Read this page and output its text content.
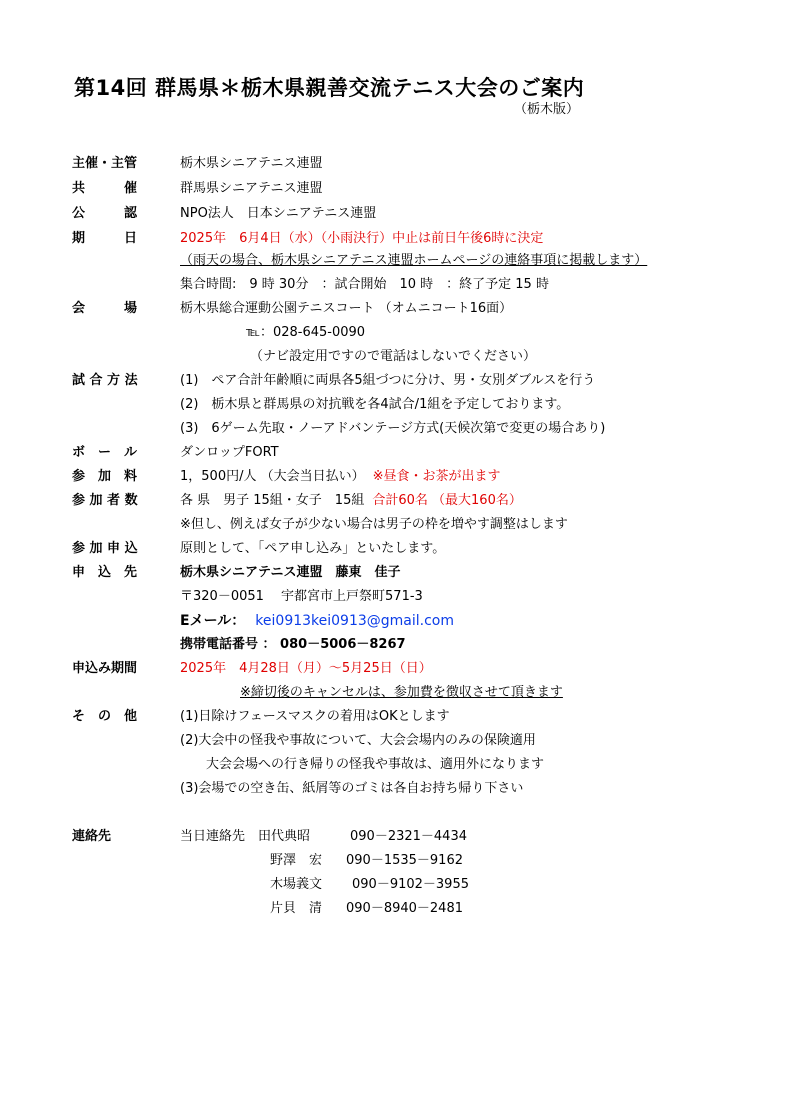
第14回 群馬県＊栃木県親善交流テニス大会のご案内
（栃木版）
主催・主管	栃木県シニアテニス連盟
共　　　催	群馬県シニアテニス連盟
公　　　認	NPO法人　日本シニアテニス連盟
期　　　日	2025年　6月4日（水）（小雨決行）中止は前日午後6時に決定
（雨天の場合、栃木県シニアテニス連盟ホームページの連絡事項に掲載します）
集合時間:　9 時 30分　：試合開始　10 時　：終了予定 15 時
会　　　場	栃木県総合運動公園テニスコート （オムニコート16面）
℡：028-645-0090
（ナビ設定用ですので電話はしないでください）
試 合 方 法	(1)　ペア合計年齢順に両県各5組づつに分け、男・女別ダブルスを行う
(2)　栃木県と群馬県の対抗戦を各4試合/1組を予定しております。
(3)　6ゲーム先取・ノーアドバンテージ方式(天候次第で変更の場合あり)
ボ　ー　ル	ダンロップFORT
参　加　料	1，500円/人 （大会当日払い） ※昼食・お茶が出ます
参 加 者 数	各 県　男子 15組・女子　15組 合計60名 （最大160名）
※但し、例えば女子が少ない場合は男子の枠を増やす調整はします
参 加 申 込	原則として、「ペア申し込み」といたします。
申　込　先	栃木県シニアテニス連盟　藤東　佳子
〒320－0051　 宇都宮市上戸祭町571-3
Eメール： kei0913kei0913@gmail.com
携帯電話番号 ： 080－5006－8267
申込み期間	2025年　4月28日（月）～5月25日（日）
※締切後のキャンセルは、参加費を徴収させて頂きます
そ　の　他	(1)日除けフェースマスクの着用はOKとします
(2)大会中の怪我や事故について、大会会場内のみの保険適用
　　大会会場への行き帰りの怪我や事故は、適用外になります
(3)会場での空き缶、紙屑等のゴミは各自お持ち帰り下さい
連絡先	当日連絡先 田代典昭	090－2321－4434
野澤　宏 090－1535－9162
木場義文 090－9102－3955
片貝　清 090－8940－2481
